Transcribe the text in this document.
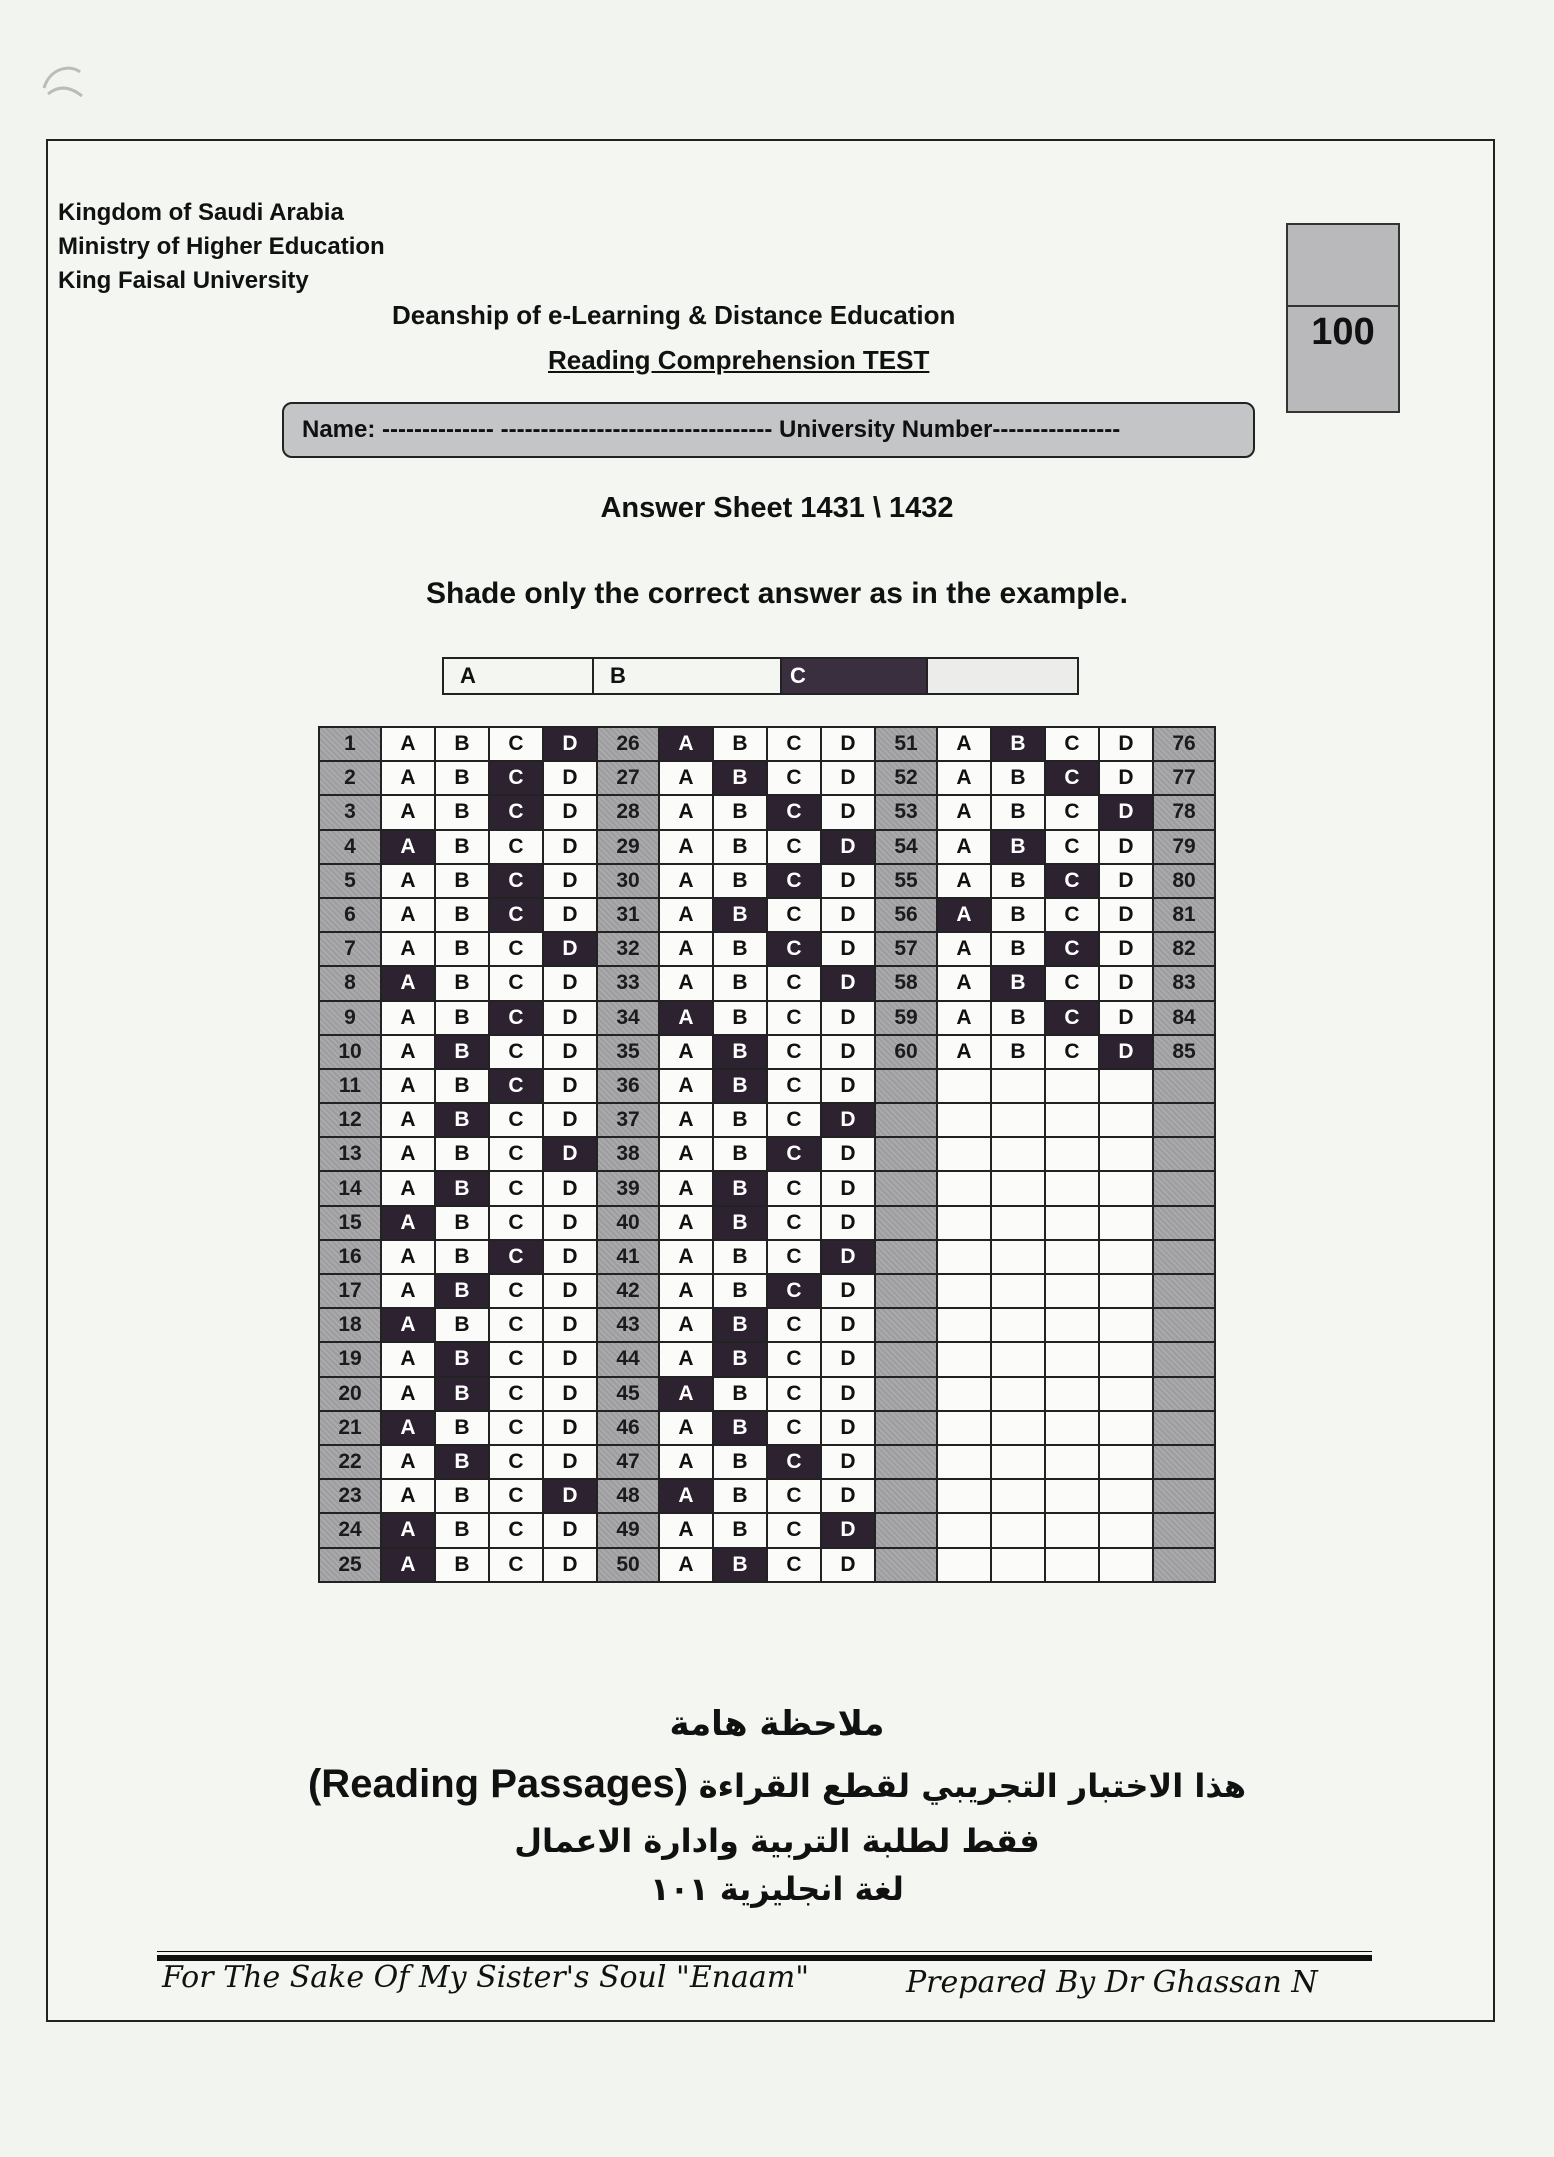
Kingdom of Saudi Arabia
Ministry of Higher Education
King Faisal University
Deanship of e-Learning & Distance Education
Reading Comprehension TEST
100
Name: -------------- ---------------------------------- University Number----------------
Answer Sheet 1431 \ 1432
Shade only the correct answer as in the example.
A	B	C
1	A	B	C	D	26	A	B	C	D	51	A	B	C	D	76
2	A	B	C	D	27	A	B	C	D	52	A	B	C	D	77
3	A	B	C	D	28	A	B	C	D	53	A	B	C	D	78
4	A	B	C	D	29	A	B	C	D	54	A	B	C	D	79
5	A	B	C	D	30	A	B	C	D	55	A	B	C	D	80
6	A	B	C	D	31	A	B	C	D	56	A	B	C	D	81
7	A	B	C	D	32	A	B	C	D	57	A	B	C	D	82
8	A	B	C	D	33	A	B	C	D	58	A	B	C	D	83
9	A	B	C	D	34	A	B	C	D	59	A	B	C	D	84
10	A	B	C	D	35	A	B	C	D	60	A	B	C	D	85
11	A	B	C	D	36	A	B	C	D						
12	A	B	C	D	37	A	B	C	D						
13	A	B	C	D	38	A	B	C	D						
14	A	B	C	D	39	A	B	C	D						
15	A	B	C	D	40	A	B	C	D						
16	A	B	C	D	41	A	B	C	D						
17	A	B	C	D	42	A	B	C	D						
18	A	B	C	D	43	A	B	C	D						
19	A	B	C	D	44	A	B	C	D						
20	A	B	C	D	45	A	B	C	D						
21	A	B	C	D	46	A	B	C	D						
22	A	B	C	D	47	A	B	C	D						
23	A	B	C	D	48	A	B	C	D						
24	A	B	C	D	49	A	B	C	D						
25	A	B	C	D	50	A	B	C	D						
ملاحظة هامة
(Reading Passages) هذا الاختبار التجريبي لقطع القراءة
فقط لطلبة التربية وادارة الاعمال
لغة انجليزية ١٠١
For The Sake Of My Sister's Soul "Enaam"	Prepared By Dr Ghassan N
